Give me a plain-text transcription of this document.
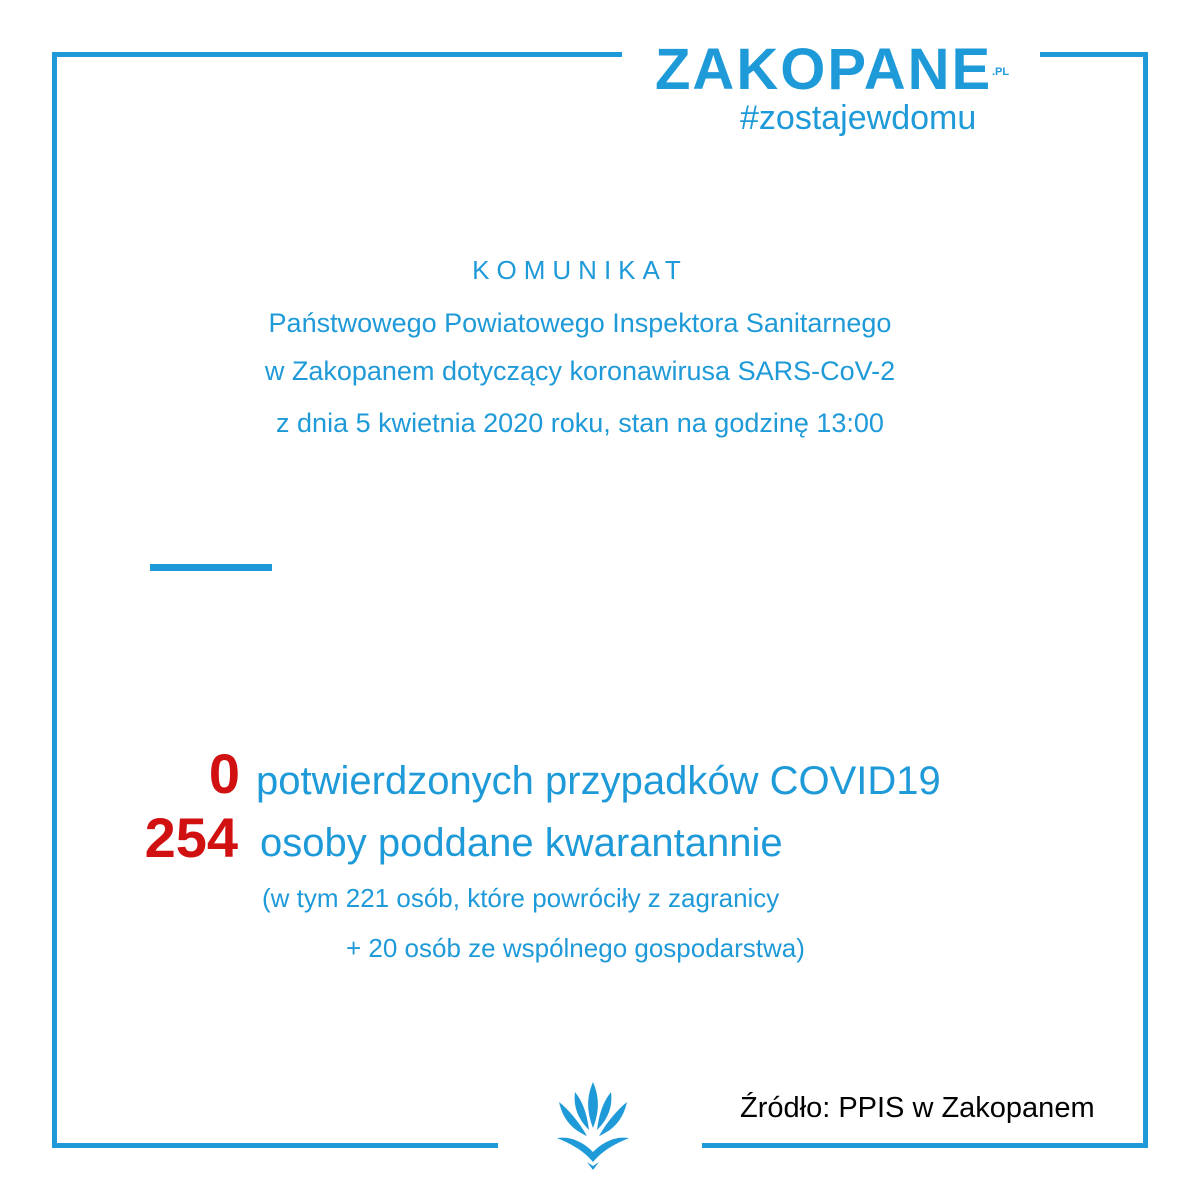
ZAKOPANE .PL
#zostajewdomu
KOMUNIKAT
Państwowego Powiatowego Inspektora Sanitarnego
w Zakopanem dotyczący koronawirusa SARS-CoV-2
z dnia 5 kwietnia 2020 roku, stan na godzinę 13:00
0 potwierdzonych przypadków COVID19
254 osoby poddane kwarantannie
(w tym 221 osób, które powróciły z zagranicy
+ 20 osób ze wspólnego gospodarstwa)
Źródło: PPIS w Zakopanem
